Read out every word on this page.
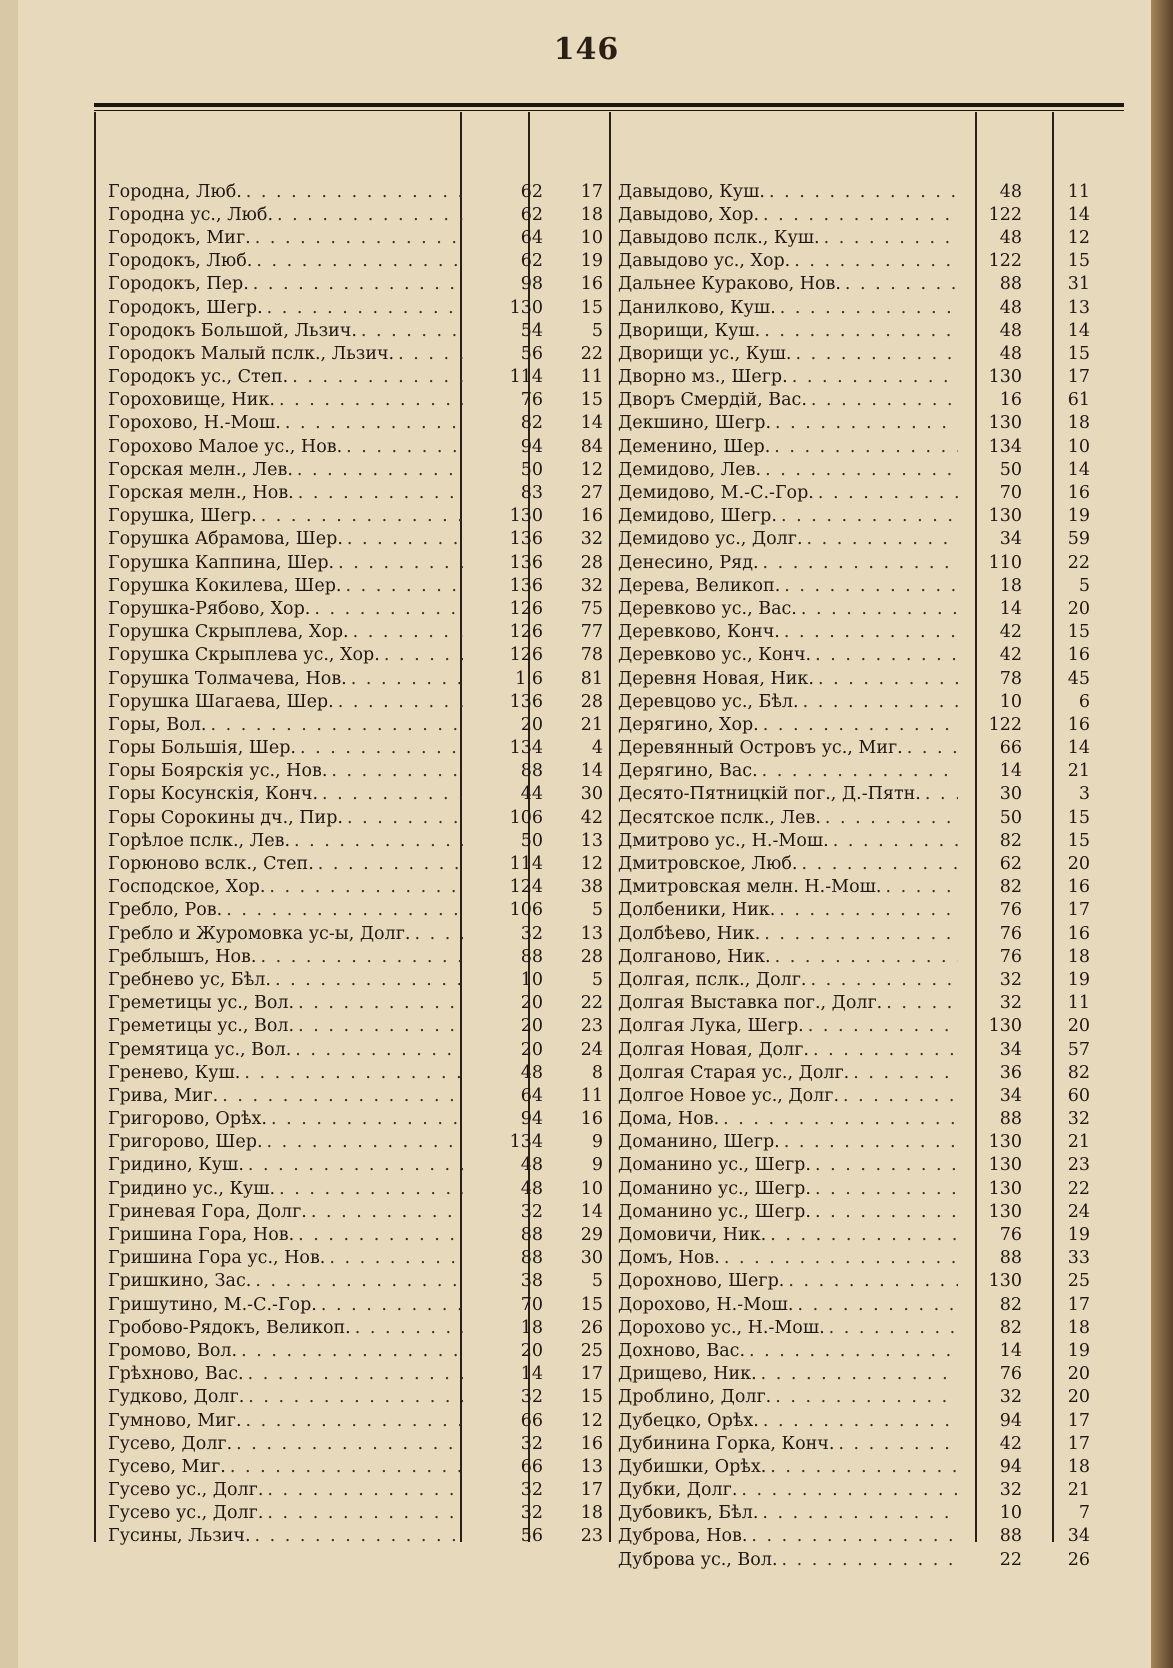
146
Городна, Люб. . . .	62	17
Городна ус., Люб. . . .	62	18
Городокъ, Миг. . . .	64	10
Городокъ, Люб. . . .	62	19
Городокъ, Пер. . . .	98	16
Городокъ, Шегр. . . .	130	15
Городокъ Большой, Льзич. . . .	54	5
Городокъ Малый пслк., Льзич. . . .	56	22
Городокъ ус., Степ. . . .	114	11
Гороховище, Ник. . . .	76	15
Горохово, Н.-Мош. . . .	82	14
Горохово Малое ус., Нов. . . .	94	84
Горская мелн., Лев. . . .	50	12
Горская мелн., Нов. . . .	83	27
Горушка, Шегр. . . .	130	16
Горушка Абрамова, Шер. . . .	136	32
Горушка Каппина, Шер. . . .	136	28
Горушка Кокилева, Шер. . . .	136	32
Горушка-Рябово, Хор. . . .	126	75
Горушка Скрыплева, Хор. . . .	126	77
Горушка Скрыплева ус., Хор. . . .	126	78
Горушка Толмачева, Нов. . . .	1.6	81
Горушка Шагаева, Шер. . . .	136	28
Горы, Вол. . . .	20	21
Горы Большія, Шер. . . .	134	4
Горы Боярскія ус., Нов. . . .	88	14
Горы Косунскія, Конч. . . .	44	30
Горы Сорокины дч., Пир. . . .	106	42
Горѣлое пслк., Лев. . . .	50	13
Горюново вслк., Степ. . . .	114	12
Господское, Хор. . . .	124	38
Гребло, Ров. . . .	106	5
Гребло и Журомовка ус-ы, Долг. . . .	32	13
Греблышъ, Нов. . . .	88	28
Гребнево ус, Бѣл. . . .	10	5
Греметицы ус., Вол. . . .	20	22
Греметицы ус., Вол. . . .	20	23
Гремятица ус., Вол. . . .	20	24
Гренево, Куш. . . .	48	8
Грива, Миг. . . .	64	11
Григорово, Орѣх. . . .	94	16
Григорово, Шер. . . .	134	9
Гридино, Куш. . . .	48	9
Гридино ус., Куш. . . .	48	10
Гриневая Гора, Долг. . . .	32	14
Гришина Гора, Нов. . . .	88	29
Гришина Гора ус., Нов. . . .	88	30
Гришкино, Зас. . . .	38	5
Гришутино, М.-С.-Гор. . . .	70	15
Гробово-Рядокъ, Великоп. . . .	18	26
Громово, Вол. . . .	20	25
Грѣхново, Вас. . . .	14	17
Гудково, Долг. . . .	32	15
Гумново, Миг. . . .	66	12
Гусево, Долг. . . .	32	16
Гусево, Миг. . . .	66	13
Гусево ус., Долг. . . .	32	17
Гусево ус., Долг. . . .	32	18
Гусины, Льзич. . . .	56	23
Давыдово, Куш. . . .	48	11
Давыдово, Хор. . . .	122	14
Давыдово пслк., Куш. . . .	48	12
Давыдово ус., Хор. . . .	122	15
Дальнее Кураково, Нов. . . .	88	31
Данилково, Куш. . . .	48	13
Дворищи, Куш. . . .	48	14
Дворищи ус., Куш. . . .	48	15
Дворно мз., Шегр. . . .	130	17
Дворъ Смердій, Вас. . . .	16	61
Декшино, Шегр. . . .	130	18
Деменино, Шер. . . .	134	10
Демидово, Лев. . . .	50	14
Демидово, М.-С.-Гор. . . .	70	16
Демидово, Шегр. . . .	130	19
Демидово ус., Долг. . . .	34	59
Денесино, Ряд. . . .	110	22
Дерева, Великоп. . . .	18	5
Деревково ус., Вас. . . .	14	20
Деревково, Конч. . . .	42	15
Деревково ус., Конч. . . .	42	16
Деревня Новая, Ник. . . .	78	45
Деревцово ус., Бѣл. . . .	10	6
Дерягино, Хор. . . .	122	16
Деревянный Островъ ус., Миг. . . .	66	14
Дерягино, Вас. . . .	14	21
Десято-Пятницкій пог., Д.-Пятн. . . .	30	3
Десятское пслк., Лев. . . .	50	15
Дмитрово ус., Н.-Мош. . . .	82	15
Дмитровское, Люб. . . .	62	20
Дмитровская мелн. Н.-Мош. . . .	82	16
Долбеники, Ник. . . .	76	17
Долбѣево, Ник. . . .	76	16
Долганово, Ник. . . .	76	18
Долгая, пслк., Долг. . . .	32	19
Долгая Выставка пог., Долг. . . .	32	11
Долгая Лука, Шегр. . . .	130	20
Долгая Новая, Долг. . . .	34	57
Долгая Старая ус., Долг. . . .	36	82
Долгое Новое ус., Долг. . . .	34	60
Дома, Нов. . . .	88	32
Доманино, Шегр. . . .	130	21
Доманино ус., Шегр. . . .	130	23
Доманино ус., Шегр. . . .	130	22
Доманино ус., Шегр. . . .	130	24
Домовичи, Ник. . . .	76	19
Домъ, Нов. . . .	88	33
Дорохново, Шегр. . . .	130	25
Дорохово, Н.-Мош. . . .	82	17
Дорохово ус., Н.-Мош. . . .	82	18
Дохново, Вас. . . .	14	19
Дрищево, Ник. . . .	76	20
Дроблино, Долг. . . .	32	20
Дубецко, Орѣх. . . .	94	17
Дубинина Горка, Конч. . . .	42	17
Дубишки, Орѣх. . . .	94	18
Дубки, Долг. . . .	32	21
Дубовикъ, Бѣл. . . .	10	7
Дуброва, Нов. . . .	88	34
Дуброва ус., Вол. . . .	22	26
